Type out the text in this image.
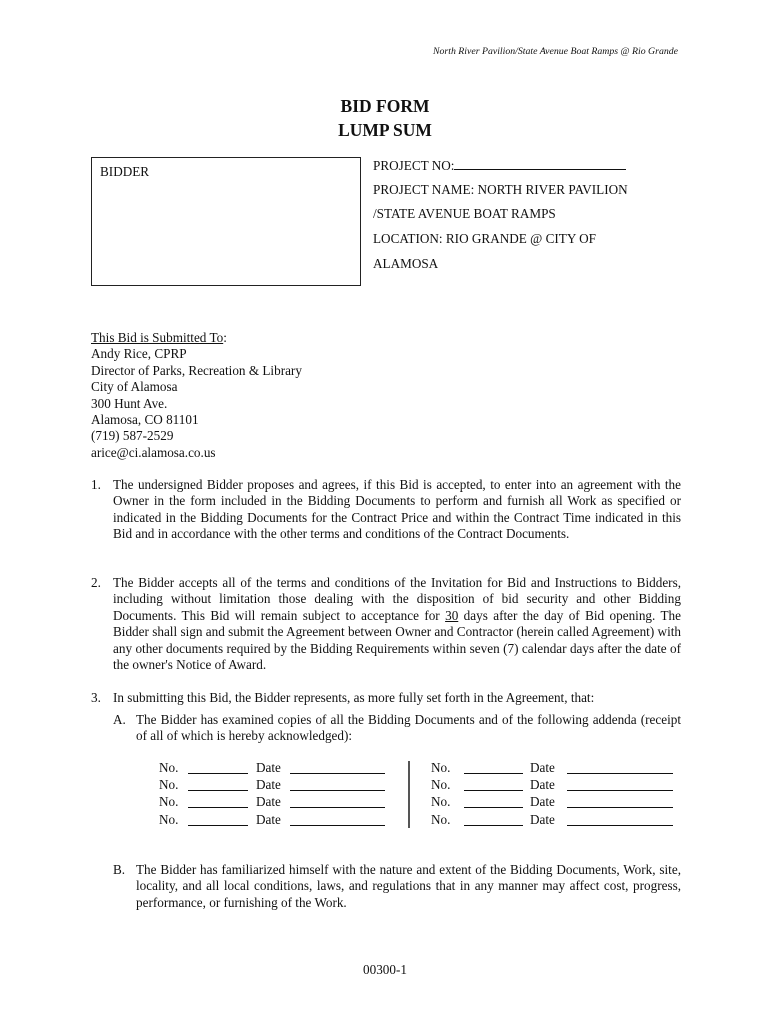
North River Pavilion/State Avenue Boat Ramps @ Rio Grande
BID FORM
LUMP SUM
BIDDER	PROJECT NO:
PROJECT NAME: NORTH RIVER PAVILION
/STATE AVENUE BOAT RAMPS
LOCATION: RIO GRANDE @ CITY OF
ALAMOSA
This Bid is Submitted To:
Andy Rice, CPRP
Director of Parks, Recreation & Library
City of Alamosa
300 Hunt Ave.
Alamosa, CO 81101
(719) 587-2529
arice@ci.alamosa.co.us
1. The undersigned Bidder proposes and agrees, if this Bid is accepted, to enter into an agreement with the Owner in the form included in the Bidding Documents to perform and furnish all Work as specified or indicated in the Bidding Documents for the Contract Price and within the Contract Time indicated in this Bid and in accordance with the other terms and conditions of the Contract Documents.
2. The Bidder accepts all of the terms and conditions of the Invitation for Bid and Instructions to Bidders, including without limitation those dealing with the disposition of bid security and other Bidding Documents. This Bid will remain subject to acceptance for 30 days after the day of Bid opening. The Bidder shall sign and submit the Agreement between Owner and Contractor (herein called Agreement) with any other documents required by the Bidding Requirements within seven (7) calendar days after the date of the owner's Notice of Award.
3. In submitting this Bid, the Bidder represents, as more fully set forth in the Agreement, that:
A. The Bidder has examined copies of all the Bidding Documents and of the following addenda (receipt of all of which is hereby acknowledged):
No.	Date
No.	Date
No.	Date
No.	Date
No.	Date
No.	Date
No.	Date
No.	Date
B. The Bidder has familiarized himself with the nature and extent of the Bidding Documents, Work, site, locality, and all local conditions, laws, and regulations that in any manner may affect cost, progress, performance, or furnishing of the Work.
00300-1
